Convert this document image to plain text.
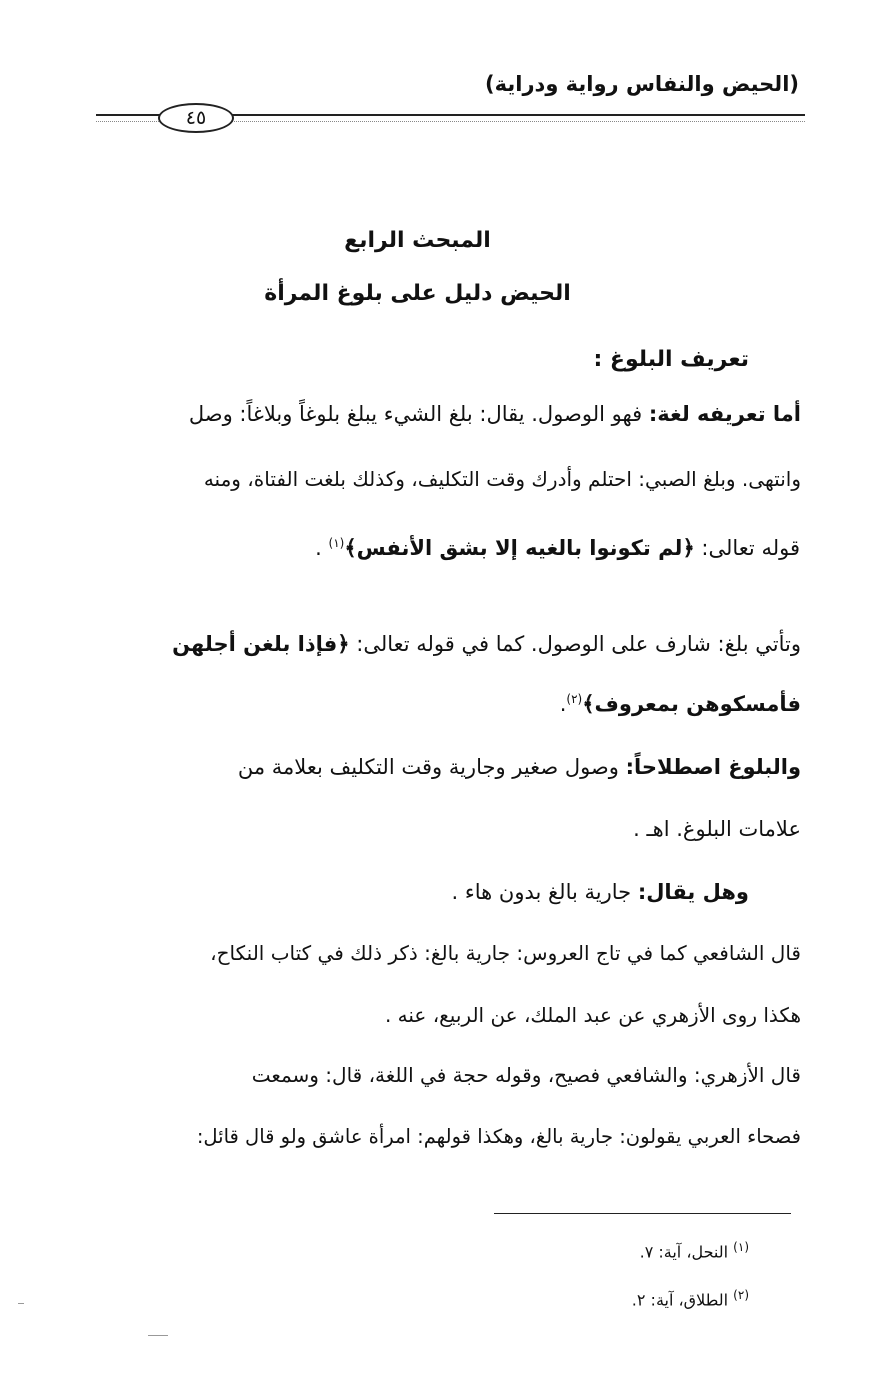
(الحيض والنفاس رواية ودراية)
٤٥
المبحث الرابع
الحيض دليل على بلوغ المرأة
تعريف البلوغ :
أما تعريفه لغة: فهو الوصول. يقال: بلغ الشيء يبلغ بلوغاً وبلاغاً: وصل
وانتهى. وبلغ الصبي: احتلم وأدرك وقت التكليف، وكذلك بلغت الفتاة، ومنه
قوله تعالى: ﴿لم تكونوا بالغيه إلا بشق الأنفس﴾$^{(١)}$ .
وتأتي بلغ: شارف على الوصول. كما في قوله تعالى: ﴿فإذا بلغن أجلهن
فأمسكوهن بمعروف﴾$^{(٢)}$.
والبلوغ اصطلاحاً: وصول صغير وجارية وقت التكليف بعلامة من
علامات البلوغ. اهـ .
وهل يقال: جارية بالغ بدون هاء .
قال الشافعي كما في تاج العروس: جارية بالغ: ذكر ذلك في كتاب النكاح،
هكذا روى الأزهري عن عبد الملك، عن الربيع، عنه .
قال الأزهري: والشافعي فصيح، وقوله حجة في اللغة، قال: وسمعت
فصحاء العربي يقولون: جارية بالغ، وهكذا قولهم: امرأة عاشق ولو قال قائل:
$^{(١)}$ النحل، آية: ٧.
$^{(٢)}$ الطلاق، آية: ٢.
